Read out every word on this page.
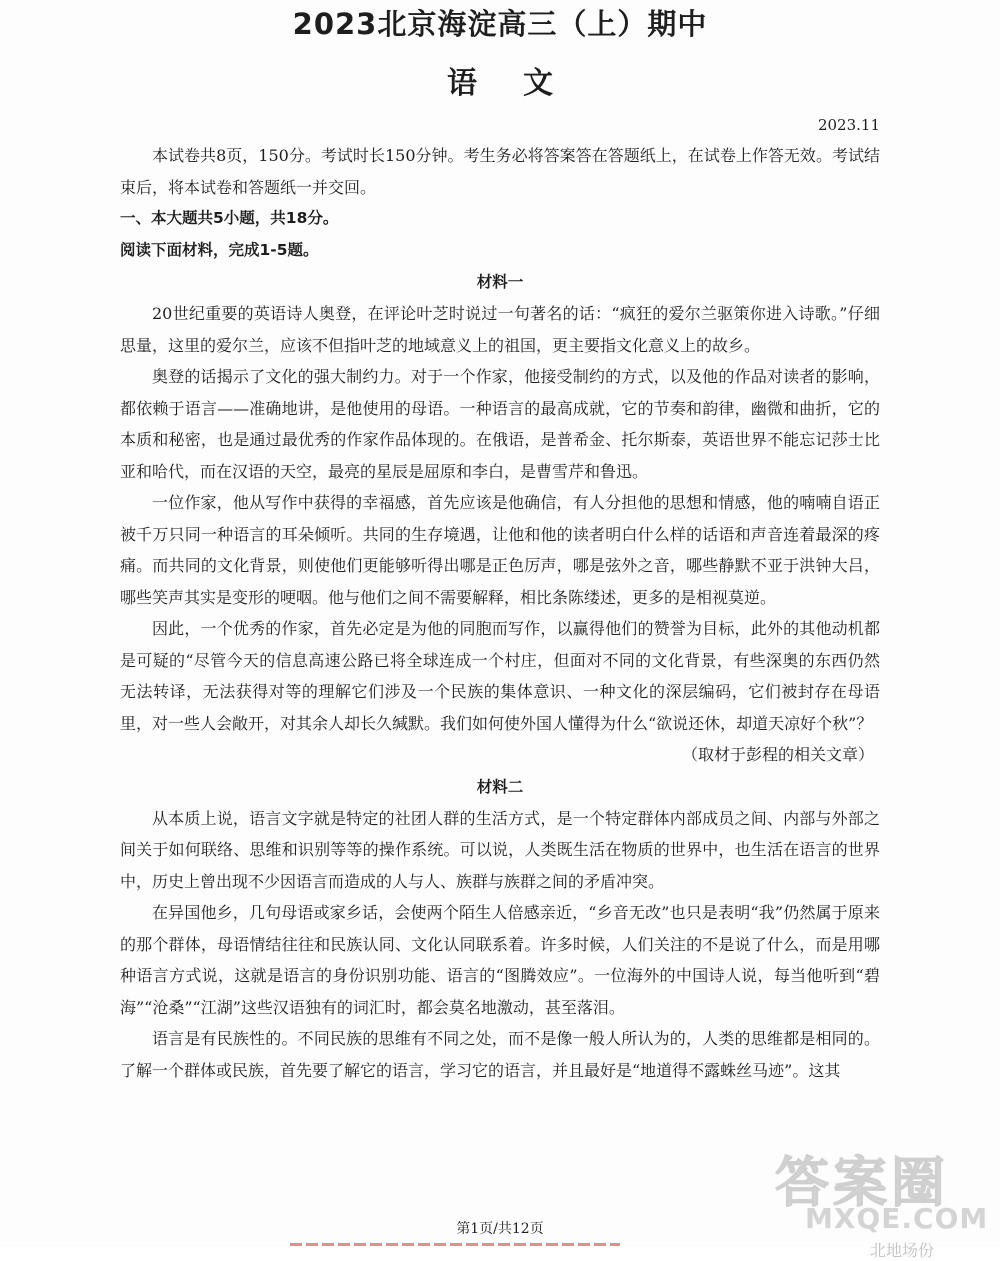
2023北京海淀高三（上）期中
语文
2023.11

本试卷共8页，150分。考试时长150分钟。考生务必将答案答在答题纸上，在试卷上作答无效。考试结束后，将本试卷和答题纸一并交回。

一、本大题共5小题，共18分。

阅读下面材料，完成1-5题。

材料一

20世纪重要的英语诗人奥登，在评论叶芝时说过一句著名的话：“疯狂的爱尔兰驱策你进入诗歌。”仔细思量，这里的爱尔兰，应该不但指叶芝的地域意义上的祖国，更主要指文化意义上的故乡。

奥登的话揭示了文化的强大制约力。对于一个作家，他接受制约的方式，以及他的作品对读者的影响，都依赖于语言——准确地讲，是他使用的母语。一种语言的最高成就，它的节奏和韵律，幽微和曲折，它的本质和秘密，也是通过最优秀的作家作品体现的。在俄语，是普希金、托尔斯泰，英语世界不能忘记莎士比亚和哈代，而在汉语的天空，最亮的星辰是屈原和李白，是曹雪芹和鲁迅。

一位作家，他从写作中获得的幸福感，首先应该是他确信，有人分担他的思想和情感，他的喃喃自语正被千万只同一种语言的耳朵倾听。共同的生存境遇，让他和他的读者明白什么样的话语和声音连着最深的疼痛。而共同的文化背景，则使他们更能够听得出哪是正色厉声，哪是弦外之音，哪些静默不亚于洪钟大吕，哪些笑声其实是变形的哽咽。他与他们之间不需要解释，相比条陈缕述，更多的是相视莫逆。

因此，一个优秀的作家，首先必定是为他的同胞而写作，以赢得他们的赞誉为目标，此外的其他动机都是可疑的“尽管今天的信息高速公路已将全球连成一个村庄，但面对不同的文化背景，有些深奥的东西仍然无法转译，无法获得对等的理解它们涉及一个民族的集体意识、一种文化的深层编码，它们被封存在母语里，对一些人会敞开，对其余人却长久缄默。我们如何使外国人懂得为什么“欲说还休，却道天凉好个秋”？

（取材于彭程的相关文章）

材料二

从本质上说，语言文字就是特定的社团人群的生活方式，是一个特定群体内部成员之间、内部与外部之间关于如何联络、思维和识别等等的操作系统。可以说，人类既生活在物质的世界中，也生活在语言的世界中，历史上曾出现不少因语言而造成的人与人、族群与族群之间的矛盾冲突。

在异国他乡，几句母语或家乡话，会使两个陌生人倍感亲近，“乡音无改”也只是表明“我”仍然属于原来的那个群体，母语情结往往和民族认同、文化认同联系着。许多时候，人们关注的不是说了什么，而是用哪种语言方式说，这就是语言的身份识别功能、语言的“图腾效应”。一位海外的中国诗人说，每当他听到“碧海”“沧桑”“江湖”这些汉语独有的词汇时，都会莫名地激动，甚至落泪。

语言是有民族性的。不同民族的思维有不同之处，而不是像一般人所认为的，人类的思维都是相同的。了解一个群体或民族，首先要了解它的语言，学习它的语言，并且最好是“地道得不露蛛丝马迹”。这其

第1页/共12页
答案圈
MXQE.COM
北地场份
